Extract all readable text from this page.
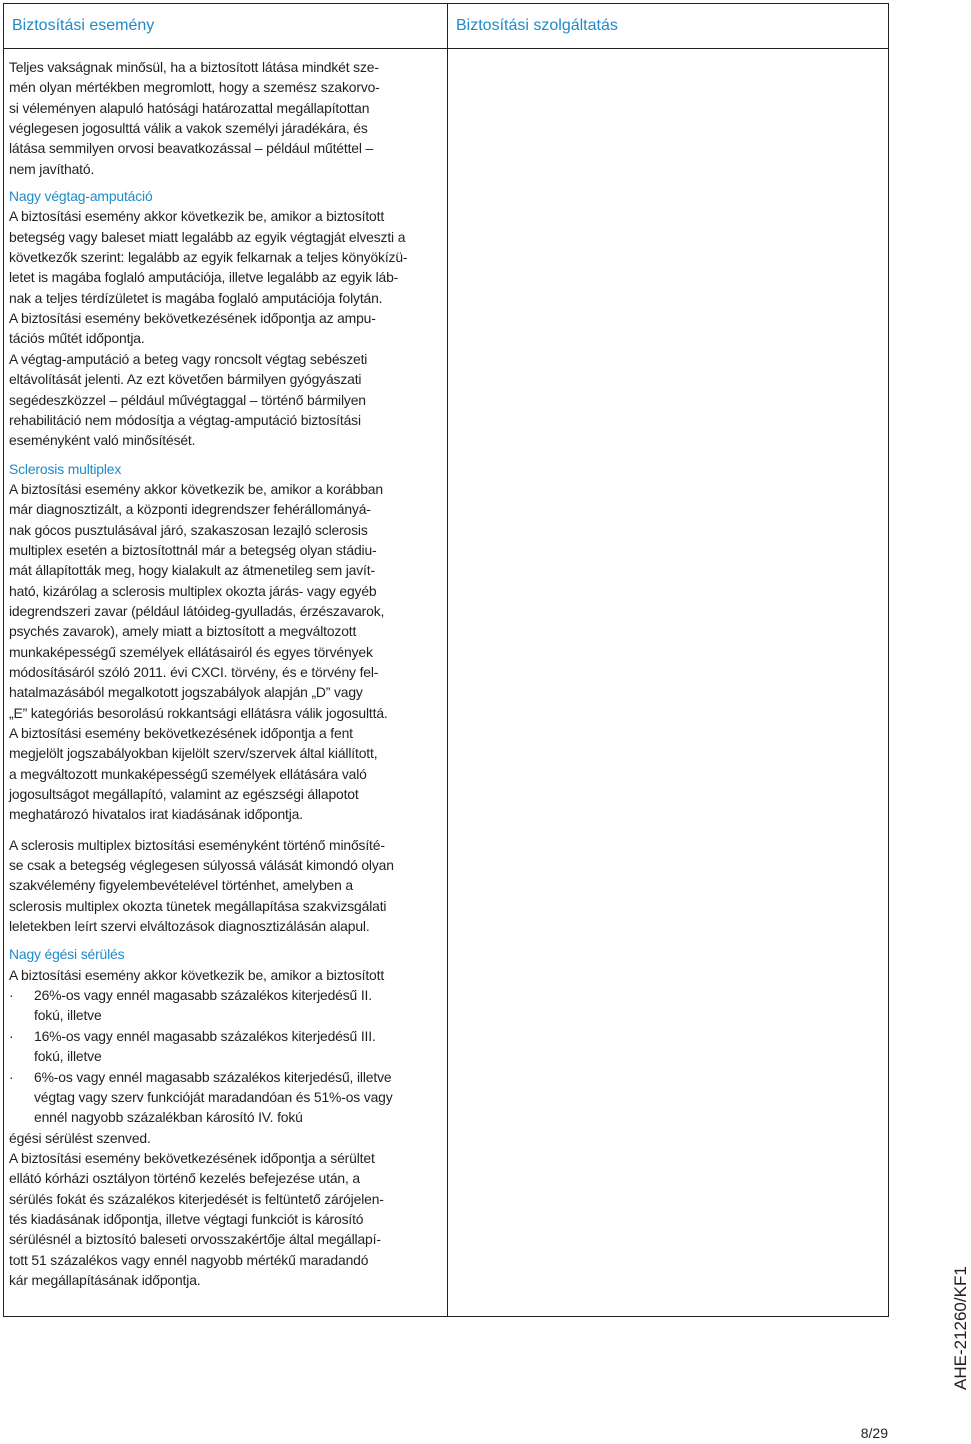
Biztosítási esemény	Biztosítási szolgáltatás

Teljes vakságnak minősül, ha a biztosított látása mindkét sze-

mén olyan mértékben megromlott, hogy a szemész szakorvo-

si véleményen alapuló hatósági határozattal megállapítottan

véglegesen jogosulttá válik a vakok személyi járadékára, és

látása semmilyen orvosi beavatkozással – például műtéttel –

nem javítható.

Nagy végtag-amputáció

A biztosítási esemény akkor következik be, amikor a biztosított

betegség vagy baleset miatt legalább az egyik végtagját elveszti a

következők szerint: legalább az egyik felkarnak a teljes könyökízü-

letet is magába foglaló amputációja, illetve legalább az egyik láb-

nak a teljes térdízületet is magába foglaló amputációja folytán.

A biztosítási esemény bekövetkezésének időpontja az ampu-

tációs műtét időpontja.

A végtag-amputáció a beteg vagy roncsolt végtag sebészeti

eltávolítását jelenti. Az ezt követően bármilyen gyógyászati

segédeszközzel – például művégtaggal – történő bármilyen

rehabilitáció nem módosítja a végtag-amputáció biztosítási

eseményként való minősítését.

Sclerosis multiplex

A biztosítási esemény akkor következik be, amikor a korábban

már diagnosztizált, a központi idegrendszer fehérállományá-

nak gócos pusztulásával járó, szakaszosan lezajló sclerosis

multiplex esetén a biztosítottnál már a betegség olyan stádiu-

mát állapították meg, hogy kialakult az átmenetileg sem javít-

ható, kizárólag a sclerosis multiplex okozta járás- vagy egyéb

idegrendszeri zavar (például látóideg-gyulladás, érzészavarok,

psychés zavarok), amely miatt a biztosított a megváltozott

munkaképességű személyek ellátásairól és egyes törvények

módosításáról szóló 2011. évi CXCI. törvény, és e törvény fel-

hatalmazásából megalkotott jogszabályok alapján „D” vagy

„E” kategóriás besorolású rokkantsági ellátásra válik jogosulttá.

A biztosítási esemény bekövetkezésének időpontja a fent

megjelölt jogszabályokban kijelölt szerv/szervek által kiállított,

a megváltozott munkaképességű személyek ellátására való

jogosultságot megállapító, valamint az egészségi állapotot

meghatározó hivatalos irat kiadásának időpontja.

A sclerosis multiplex biztosítási eseményként történő minősíté-

se csak a betegség véglegesen súlyossá válását kimondó olyan

szakvélemény figyelembevételével történhet, amelyben a

sclerosis multiplex okozta tünetek megállapítása szakvizsgálati

leletekben leírt szervi elváltozások diagnosztizálásán alapul.

Nagy égési sérülés

A biztosítási esemény akkor következik be, amikor a biztosított

·	26%-os vagy ennél magasabb százalékos kiterjedésű II.

fokú, illetve

·	16%-os vagy ennél magasabb százalékos kiterjedésű III.

fokú, illetve

·	6%-os vagy ennél magasabb százalékos kiterjedésű, illetve

végtag vagy szerv funkcióját maradandóan és 51%-os vagy

ennél nagyobb százalékban károsító IV. fokú

égési sérülést szenved.

A biztosítási esemény bekövetkezésének időpontja a sérültet

ellátó kórházi osztályon történő kezelés befejezése után, a

sérülés fokát és százalékos kiterjedését is feltüntető zárójelen-

tés kiadásának időpontja, illetve végtagi funkciót is károsító

sérülésnél a biztosító baleseti orvosszakértője által megállapí-

tott 51 százalékos vagy ennél nagyobb mértékű maradandó

kár megállapításának időpontja.	AHE-21260/KF1
8/29
